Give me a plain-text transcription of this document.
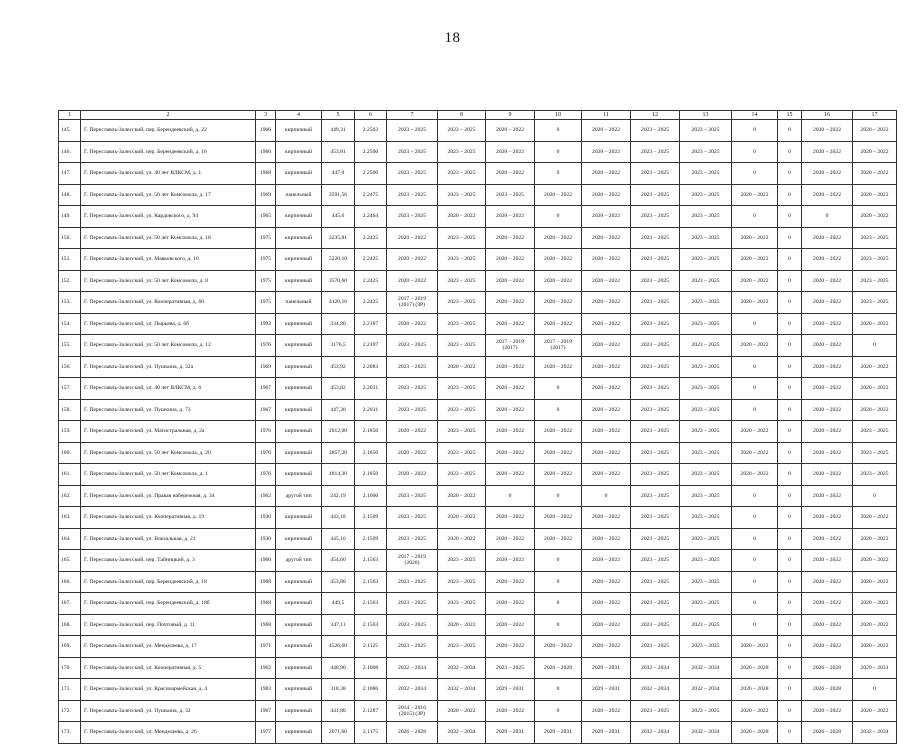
18
1	2	3	4	5	6	7	8	9	10	11	12	13	14	15	16	17
145.	Г. Переславль-Залесский, пер. Берендеевский, д. 22	1966	кирпичный	449,31	2.2503	2023 – 2025	2023 – 2025	2020 – 2022	0	2020 – 2022	2023 – 2025	2023 – 2025	0	0	2020 – 2022	2020 – 2022
146.	Г. Переславль-Залесский, пер. Берендеевский, д. 16	1966	кирпичный	453,81	2.2500	2023 – 2025	2023 – 2025	2020 – 2022	0	2020 – 2022	2023 – 2025	2023 – 2025	0	0	2020 – 2022	2020 – 2022
147.	Г. Переславль-Залесский, ул. 40 лет ВЛКСМ, д. 1	1968	кирпичный	447,0	2.2500	2023 – 2025	2023 – 2025	2020 – 2022	0	2020 – 2022	2023 – 2025	2023 – 2025	0	0	2020 – 2022	2020 – 2022
148.	Г. Переславль-Залесский, ул. 50 лет Комсомола, д. 17	1969	панельный	3591,56	2.2475	2023 – 2025	2023 – 2025	2023 – 2025	2020 – 2022	2020 – 2022	2023 – 2025	2023 – 2025	2020 – 2022	0	2020 – 2022	2020 – 2022
149.	Г. Переславль-Залесский, ул. Кардовского, д. 94	1965	кирпичный	445,6	2.2464	2023 – 2025	2020 – 2022	2020 – 2022	0	2020 – 2022	2023 – 2025	2023 – 2025	0	0	0	2020 – 2022
150.	Г. Переславль-Залесский, ул. 50 лет Комсомола, д. 18	1975	кирпичный	3235,81	2.2425	2020 – 2022	2023 – 2025	2020 – 2022	2020 – 2022	2020 – 2022	2023 – 2025	2023 – 2025	2020 – 2022	0	2020 – 2022	2023 – 2025
151.	Г. Переславль-Залесский, ул. Маяковского, д. 10	1975	кирпичный	5220,10	2.2425	2020 – 2022	2023 – 2025	2020 – 2022	2020 – 2022	2020 – 2022	2023 – 2025	2023 – 2025	2020 – 2022	0	2020 – 2022	2023 – 2025
152.	Г. Переславль-Залесский, ул. 50 лет Комсомола, д. 8	1975	кирпичный	3570,60	2.2425	2020 – 2022	2023 – 2025	2020 – 2022	2020 – 2022	2020 – 2022	2023 – 2025	2023 – 2025	2020 – 2022	0	2020 – 2022	2023 – 2025
153.	Г. Переславль-Залесский, ул. Кооперативная, д. 60	1975	панельный	4120,16	2.2425	2017 – 2019
(2017) (ЗР)	2023 – 2025	2020 – 2022	2020 – 2022	2020 – 2022	2023 – 2025	2023 – 2025	2020 – 2022	0	2020 – 2022	2023 – 2025
154.	Г. Переславль-Залесский, ул. Пырьева, д. 6б	1993	кирпичный	334,80	2.2187	2020 – 2022	2023 – 2025	2020 – 2022	2020 – 2022	2020 – 2022	2023 – 2025	2023 – 2025	0	0	2020 – 2022	2020 – 2022
155.	Г. Переславль-Залесский, ул. 50 лет Комсомола, д. 12	1976	кирпичный	3176,5	2.2197	2023 – 2025	2023 – 2025	2017 – 2019
(2017)	2017 – 2019
(2017)	2020 – 2022	2023 – 2025	2023 – 2025	2020 – 2022	0	2020 – 2022	0
156.	Г. Переславль-Залесский, ул. Пушкина, д. 32а	1969	кирпичный	453,92	2.2083	2023 – 2025	2020 – 2022	2020 – 2022	2020 – 2022	2020 – 2022	2023 – 2025	2023 – 2025	0	0	2020 – 2022	2020 – 2022
157.	Г. Переславль-Залесский, ул. 40 лет ВЛКСМ, д. 6	1967	кирпичный	453,82	2.2031	2023 – 2025	2023 – 2025	2020 – 2022	0	2020 – 2022	2023 – 2025	2023 – 2025	0	0	2020 – 2022	2020 – 2022
158.	Г. Переславль-Залесский, ул. Пушкина, д. 73	1967	кирпичный	447,30	2.2031	2023 – 2025	2023 – 2025	2020 – 2022	0	2020 – 2022	2023 – 2025	2023 – 2025	0	0	2020 – 2022	2020 – 2022
159.	Г. Переславль-Залесский, ул. Магистральная, д. 2а	1976	кирпичный	2812,00	2.1850	2020 – 2022	2023 – 2025	2020 – 2022	2020 – 2022	2020 – 2022	2023 – 2025	2023 – 2025	2020 – 2022	0	2020 – 2022	2023 – 2025
160.	Г. Переславль-Залесский, ул. 50 лет Комсомола, д. 20	1976	кирпичный	3857,20	2.1850	2020 – 2022	2023 – 2025	2020 – 2022	2020 – 2022	2020 – 2022	2023 – 2025	2023 – 2025	2020 – 2022	0	2020 – 2022	2023 – 2025
161.	Г. Переславль-Залесский, ул. 50 лет Комсомола, д. 1	1976	кирпичный	4814,30	2.1850	2020 – 2022	2023 – 2025	2020 – 2022	2020 – 2022	2020 – 2022	2023 – 2025	2023 – 2025	2020 – 2022	0	2020 – 2022	2023 – 2025
162.	Г. Переславль-Залесский, ул. Правая набережная, д. 34	1962	другой тип	242,19	2.1600	2023 – 2025	2020 – 2022	0	0	0	2023 – 2025	2023 – 2025	0	0	2020 – 2022	0
163.	Г. Переславль-Залесский, ул. Кооперативная, д. 19	1930	кирпичный	443,18	2.1509	2023 – 2025	2020 – 2022	2020 – 2022	2020 – 2022	2020 – 2022	2023 – 2025	2023 – 2025	0	0	2020 – 2022	2020 – 2022
164.	Г. Переславль-Залесский, ул. Вокзальная, д. 21	1930	кирпичный	445,10	2.1509	2023 – 2025	2020 – 2022	2020 – 2022	2020 – 2022	2020 – 2022	2023 – 2025	2023 – 2025	0	0	2020 – 2022	2020 – 2022
165.	Г. Переславль-Залесский, пер. Тайницкий, д. 3	1960	другой тип	454,60	2.1563	2017 – 2019
(2020)	2023 – 2025	2020 – 2022	0	2020 – 2022	2023 – 2025	2023 – 2025	0	0	2020 – 2022	2020 – 2022
166.	Г. Переславль-Залесский, пер. Берендеевский, д. 18	1968	кирпичный	453,80	2.1563	2023 – 2025	2023 – 2025	2020 – 2022	0	2020 – 2022	2023 – 2025	2023 – 2025	0	0	2020 – 2022	2020 – 2022
167.	Г. Переславль-Залесский, пер. Берендеевский, д. 18б	1968	кирпичный	449,5	2.1563	2023 – 2025	2023 – 2025	2020 – 2022	0	2020 – 2022	2023 – 2025	2023 – 2025	0	0	2020 – 2022	2020 – 2022
168.	Г. Переславль-Залесский, пер. Почтовый, д. 11	1968	кирпичный	347,11	2.1563	2023 – 2025	2020 – 2022	2020 – 2022	0	2020 – 2022	2023 – 2025	2023 – 2025	0	0	2020 – 2022	2020 – 2022
169.	Г. Переславль-Залесский, ул. Менделеева, д. 17	1971	кирпичный	4526,60	2.1125	2023 – 2025	2023 – 2025	2020 – 2022	2020 – 2022	2020 – 2022	2023 – 2025	2023 – 2025	2020 – 2022	0	2020 – 2022	2020 – 2022
170.	Г. Переславль-Залесский, ул. Кооперативная, д. 5	1962	кирпичный	448,90	2.1008	2032 – 2034	2032 – 2034	2023 – 2025	2026 – 2028	2029 – 2031	2032 – 2034	2032 – 2034	2026 – 2028	0	2026 – 2028	2029 – 2031
171.	Г. Переславль-Залесский, ул. Красноармейская, д. 4	1983	кирпичный	318,38	2.1086	2032 – 2034	2032 – 2034	2029 – 2031	0	2029 – 2031	2032 – 2034	2032 – 2034	2026 – 2028	0	2026 – 2028	0
172.	Г. Переславль-Залесский, ул. Пушкина, д. 32	1967	кирпичный	441,80	2.1287	2014 – 2016
(2015) (ЗР)	2020 – 2022	2020 – 2022	0	2020 – 2022	2023 – 2025	2023 – 2025	2020 – 2022	0	2020 – 2022	2020 – 2022
173.	Г. Переславль-Залесский, ул. Менделеева, д. 26	1977	кирпичный	2071,60	2.1175	2026 – 2028	2032 – 2034	2029 – 2031	2029 – 2031	2029 – 2031	2032 – 2034	2032 – 2034	2026 – 2028	0	2026 – 2028	2032 – 2034
